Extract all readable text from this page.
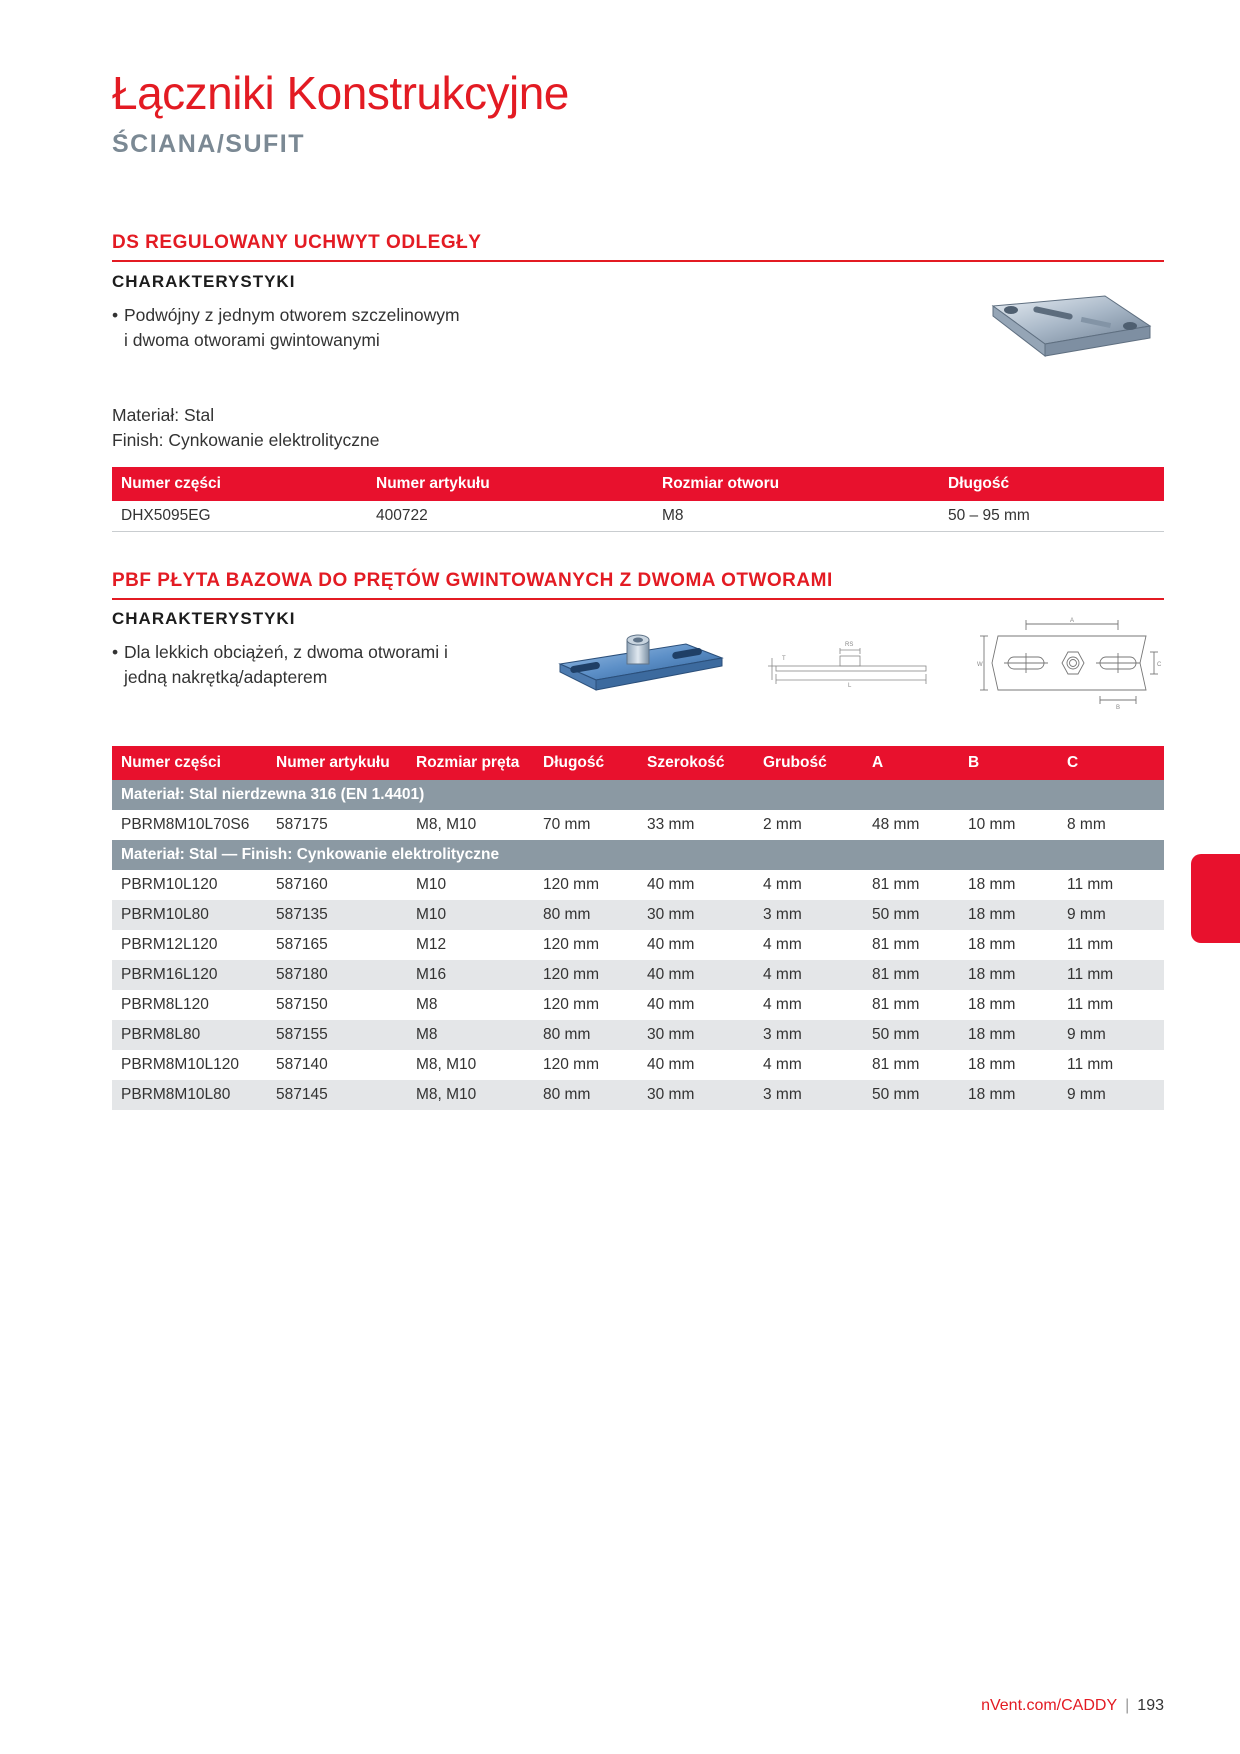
Łączniki Konstrukcyjne
ŚCIANA/SUFIT
DS REGULOWANY UCHWYT ODLEGŁY
CHARAKTERYSTYKI
• Podwójny z jednym otworem szczelinowym
i dwoma otworami gwintowanymi
Materiał: Stal
Finish: Cynkowanie elektrolityczne
Numer części	Numer artykułu	Rozmiar otworu	Długość
DHX5095EG	400722	M8	50 – 95 mm
PBF PŁYTA BAZOWA DO PRĘTÓW GWINTOWANYCH Z DWOMA OTWORAMI
CHARAKTERYSTYKI
• Dla lekkich obciążeń, z dwoma otworami i
jedną nakrętką/adapterem
RS
T
L
A
W	C
B
Numer części	Numer artykułu	Rozmiar pręta	Długość	Szerokość	Grubość	A	B	C
Materiał: Stal nierdzewna 316 (EN 1.4401)								
PBRM8M10L70S6	587175	M8, M10	70 mm	33 mm	2 mm	48 mm	10 mm	8 mm
Materiał: Stal — Finish: Cynkowanie elektrolityczne								
PBRM10L120	587160	M10	120 mm	40 mm	4 mm	81 mm	18 mm	11 mm
PBRM10L80	587135	M10	80 mm	30 mm	3 mm	50 mm	18 mm	9 mm
PBRM12L120	587165	M12	120 mm	40 mm	4 mm	81 mm	18 mm	11 mm
PBRM16L120	587180	M16	120 mm	40 mm	4 mm	81 mm	18 mm	11 mm
PBRM8L120	587150	M8	120 mm	40 mm	4 mm	81 mm	18 mm	11 mm
PBRM8L80	587155	M8	80 mm	30 mm	3 mm	50 mm	18 mm	9 mm
PBRM8M10L120	587140	M8, M10	120 mm	40 mm	4 mm	81 mm	18 mm	11 mm
PBRM8M10L80	587145	M8, M10	80 mm	30 mm	3 mm	50 mm	18 mm	9 mm
nVent.com/CADDY | 193
